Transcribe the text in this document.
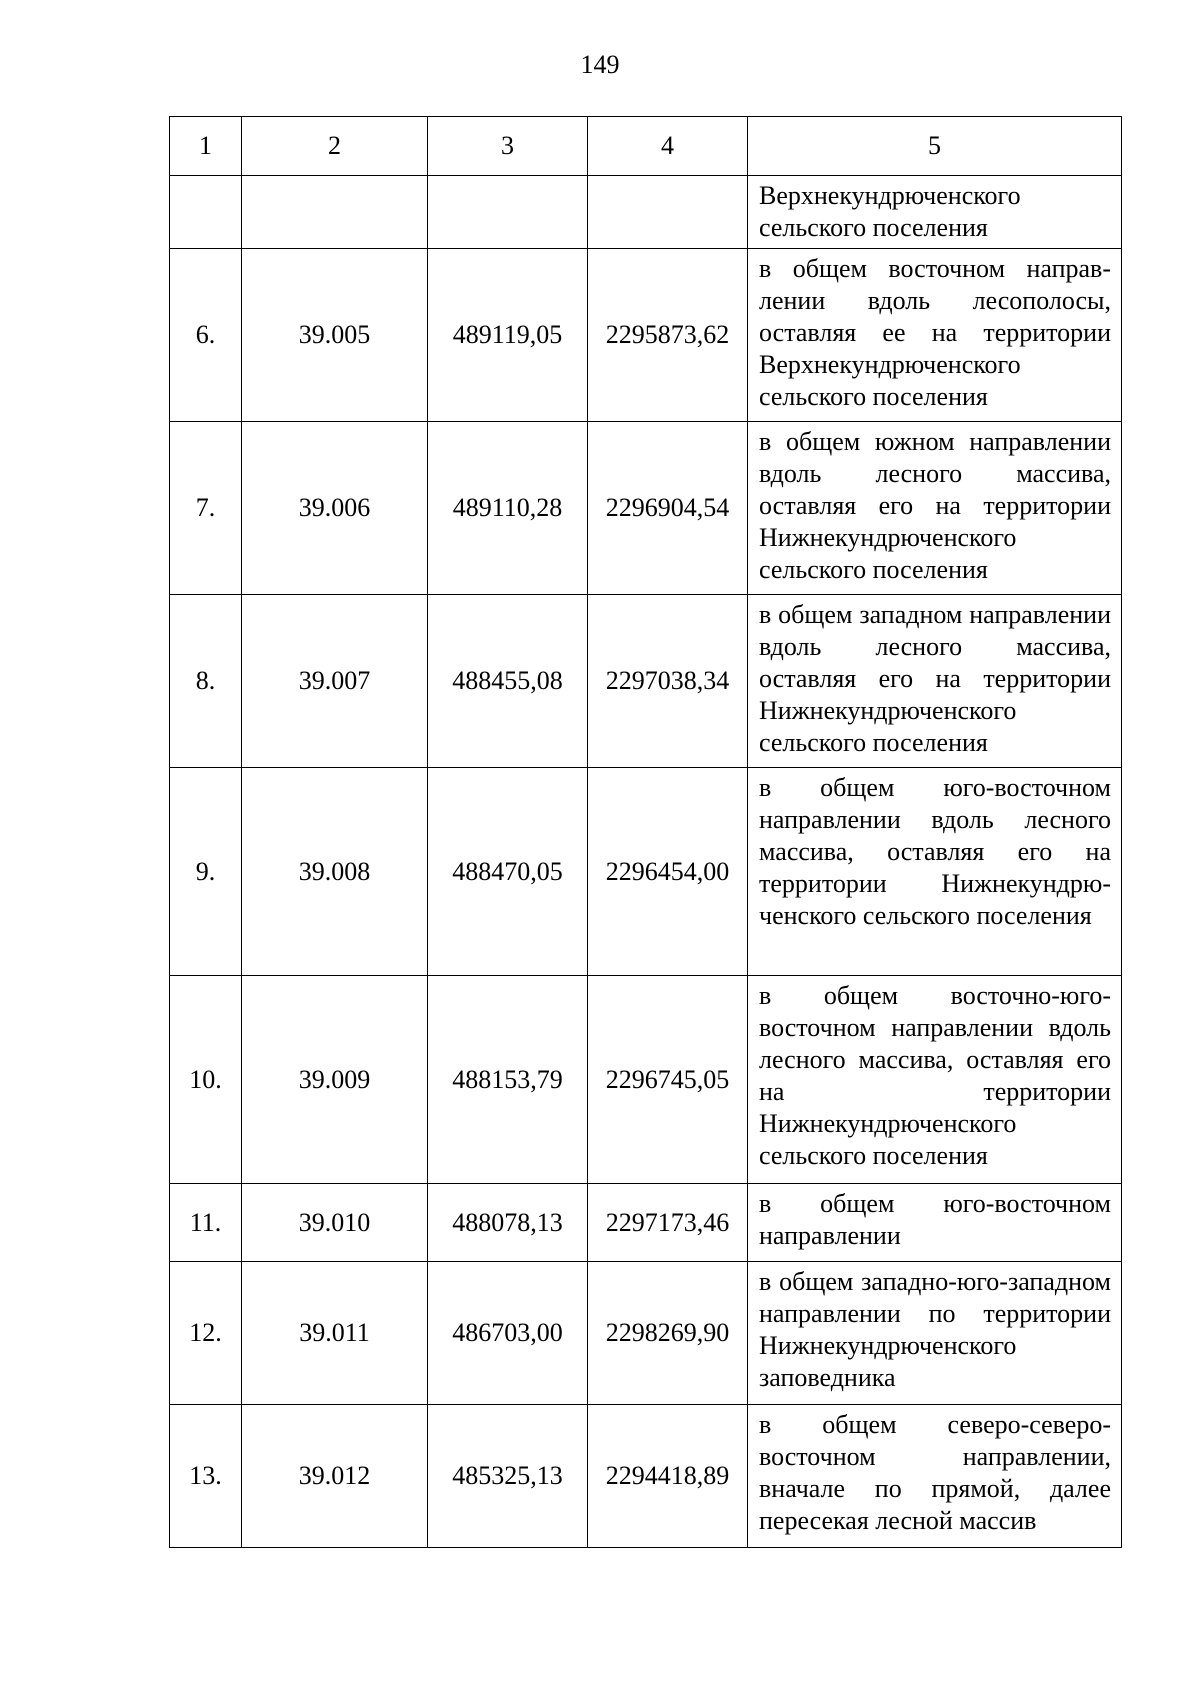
149
1	2	3	4	5

				Верхнекундрюченского сельского поселения

6.	39.005	489119,05	2295873,62	в общем восточном направлении вдоль лесополосы, оставляя ее на территории Верхнекундрюченского сельского поселения

7.	39.006	489110,28	2296904,54	в общем южном направлении вдоль лесного массива, оставляя его на территории Нижнекундрюченского сельского поселения

8.	39.007	488455,08	2297038,34	в общем западном направлении вдоль лесного массива, оставляя его на территории Нижнекундрюченского сельского поселения

9.	39.008	488470,05	2296454,00	в общем юго-восточном направлении вдоль лесного массива, оставляя его на территории Нижнекундрюченского сельского поселения

10.	39.009	488153,79	2296745,05	в общем восточно-юго-восточном направлении вдоль лесного массива, оставляя его на территории Нижнекундрюченского сельского поселения

11.	39.010	488078,13	2297173,46	в общем юго-восточном направлении

12.	39.011	486703,00	2298269,90	в общем западно-юго-западном направлении по территории Нижнекундрюченского заповедника

13.	39.012	485325,13	2294418,89	в общем северо-северо-восточном направлении, вначале по прямой, далее пересекая лесной массив
